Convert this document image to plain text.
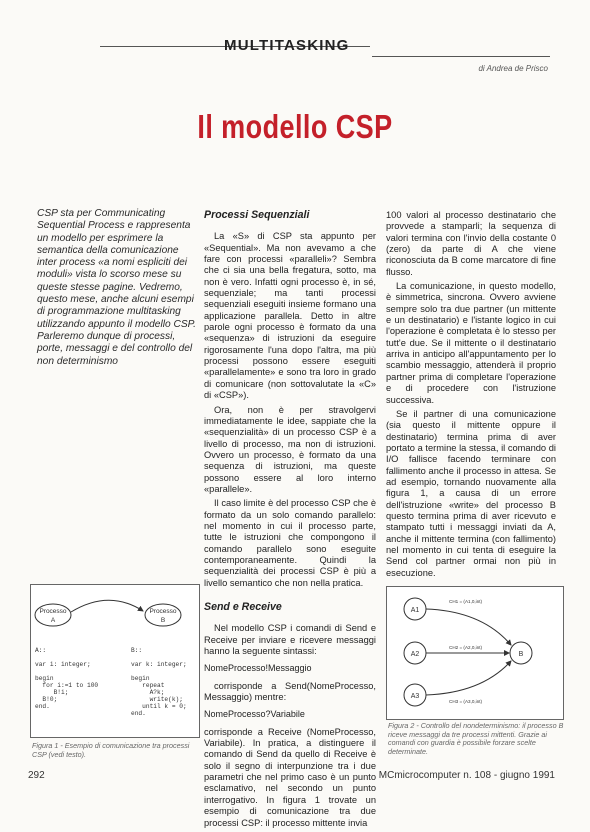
MULTITASKING
di Andrea de Prisco
Il modello CSP
CSP sta per Communicating Sequential Process e rappresenta un modello per esprimere la semantica della comunicazione inter process «a nomi espliciti dei moduli» vista lo scorso mese su queste stesse pagine. Vedremo, questo mese, anche alcuni esempi di programmazione multitasking utilizzando appunto il modello CSP. Parleremo dunque di processi, porte, messaggi e del controllo del non determinismo

Processi Sequenziali

La «S» di CSP sta appunto per «Sequential». Ma non avevamo a che fare con processi «paralleli»? Sembra che ci sia una bella fregatura, sotto, ma non è vero. Infatti ogni processo è, in sé, sequenziale; ma tanti processi sequenziali eseguiti insieme formano una applicazione parallela. Detto in altre parole ogni processo è formato da una «sequenza» di istruzioni da eseguire rigorosamente l'una dopo l'altra, ma più processi possono essere eseguiti «parallelamente» e sono tra loro in grado di comunicare (non sottovalutate la «C» di «CSP»).

Ora, non è per stravolgervi immediatamente le idee, sappiate che la «sequenzialità» di un processo CSP è a livello di processo, ma non di istruzioni. Ovvero un processo, è formato da una sequenza di istruzioni, ma queste possono essere al loro interno «parallele».

Il caso limite è del processo CSP che è formato da un solo comando parallelo: nel momento in cui il processo parte, tutte le istruzioni che compongono il comando parallelo sono eseguite contemporaneamente. Quindi la sequenzialità dei processi CSP è più a livello semantico che non nella pratica.

Send e Receive

Nel modello CSP i comandi di Send e Receive per inviare e ricevere messaggi hanno la seguente sintassi:

NomeProcesso!Messaggio

corrisponde a Send(NomeProcesso, Messaggio) mentre:

NomeProcesso?Variabile

corrisponde a Receive (NomeProcesso, Variabile). In pratica, a distinguere il comando di Send da quello di Receive è solo il segno di interpunzione tra i due parametri che nel primo caso è un punto esclamativo, nel secondo un punto interrogativo. In figura 1 trovate un esempio di comunicazione tra due processi CSP: il processo mittente invia

100 valori al processo destinatario che provvede a stamparli; la sequenza di valori termina con l'invio della costante 0 (zero) da parte di A che viene riconosciuta da B come marcatore di fine flusso.

La comunicazione, in questo modello, è simmetrica, sincrona. Ovvero avviene sempre solo tra due partner (un mittente e un destinatario) e l'istante logico in cui l'operazione è completata è lo stesso per tutt'e due. Se il mittente o il destinatario arriva in anticipo all'appuntamento per lo scambio messaggio, attenderà il proprio partner prima di completare l'operazione e di procedere con l'istruzione successiva.

Se il partner di una comunicazione (sia questo il mittente oppure il destinatario) termina prima di aver portato a termine la stessa, il comando di I/O fallisce facendo terminare con fallimento anche il processo in attesa. Se ad esempio, tornando nuovamente alla figura 1, a causa di un errore dell'istruzione «write» del processo B questo termina prima di aver ricevuto e stampato tutti i messaggi inviati da A, anche il mittente termina (con fallimento) nel momento in cui tenta di eseguire la Send col partner ormai non più in esecuzione.

Processo
A
Processo
B
A::

var i: integer;

begin
for i:=1 to 100
B!i;
B!0;
end.
B::

var k: integer;

begin
repeat
A?k;
write(k);
until k = 0;
end.
Figura 1 - Esempio di comunicazione tra processi CSP (vedi testo).
A1
A2
A3
B
CH1 = (A1,0,int)
CH2 = (A2,0,int)
CH3 = (A3,0,int)
Figura 2 - Controllo del nondeterminismo: il processo B riceve messaggi da tre processi mittenti. Grazie ai comandi con guardia è possibile forzare scelte determinate.
292	MCmicrocomputer n. 108 - giugno 1991
